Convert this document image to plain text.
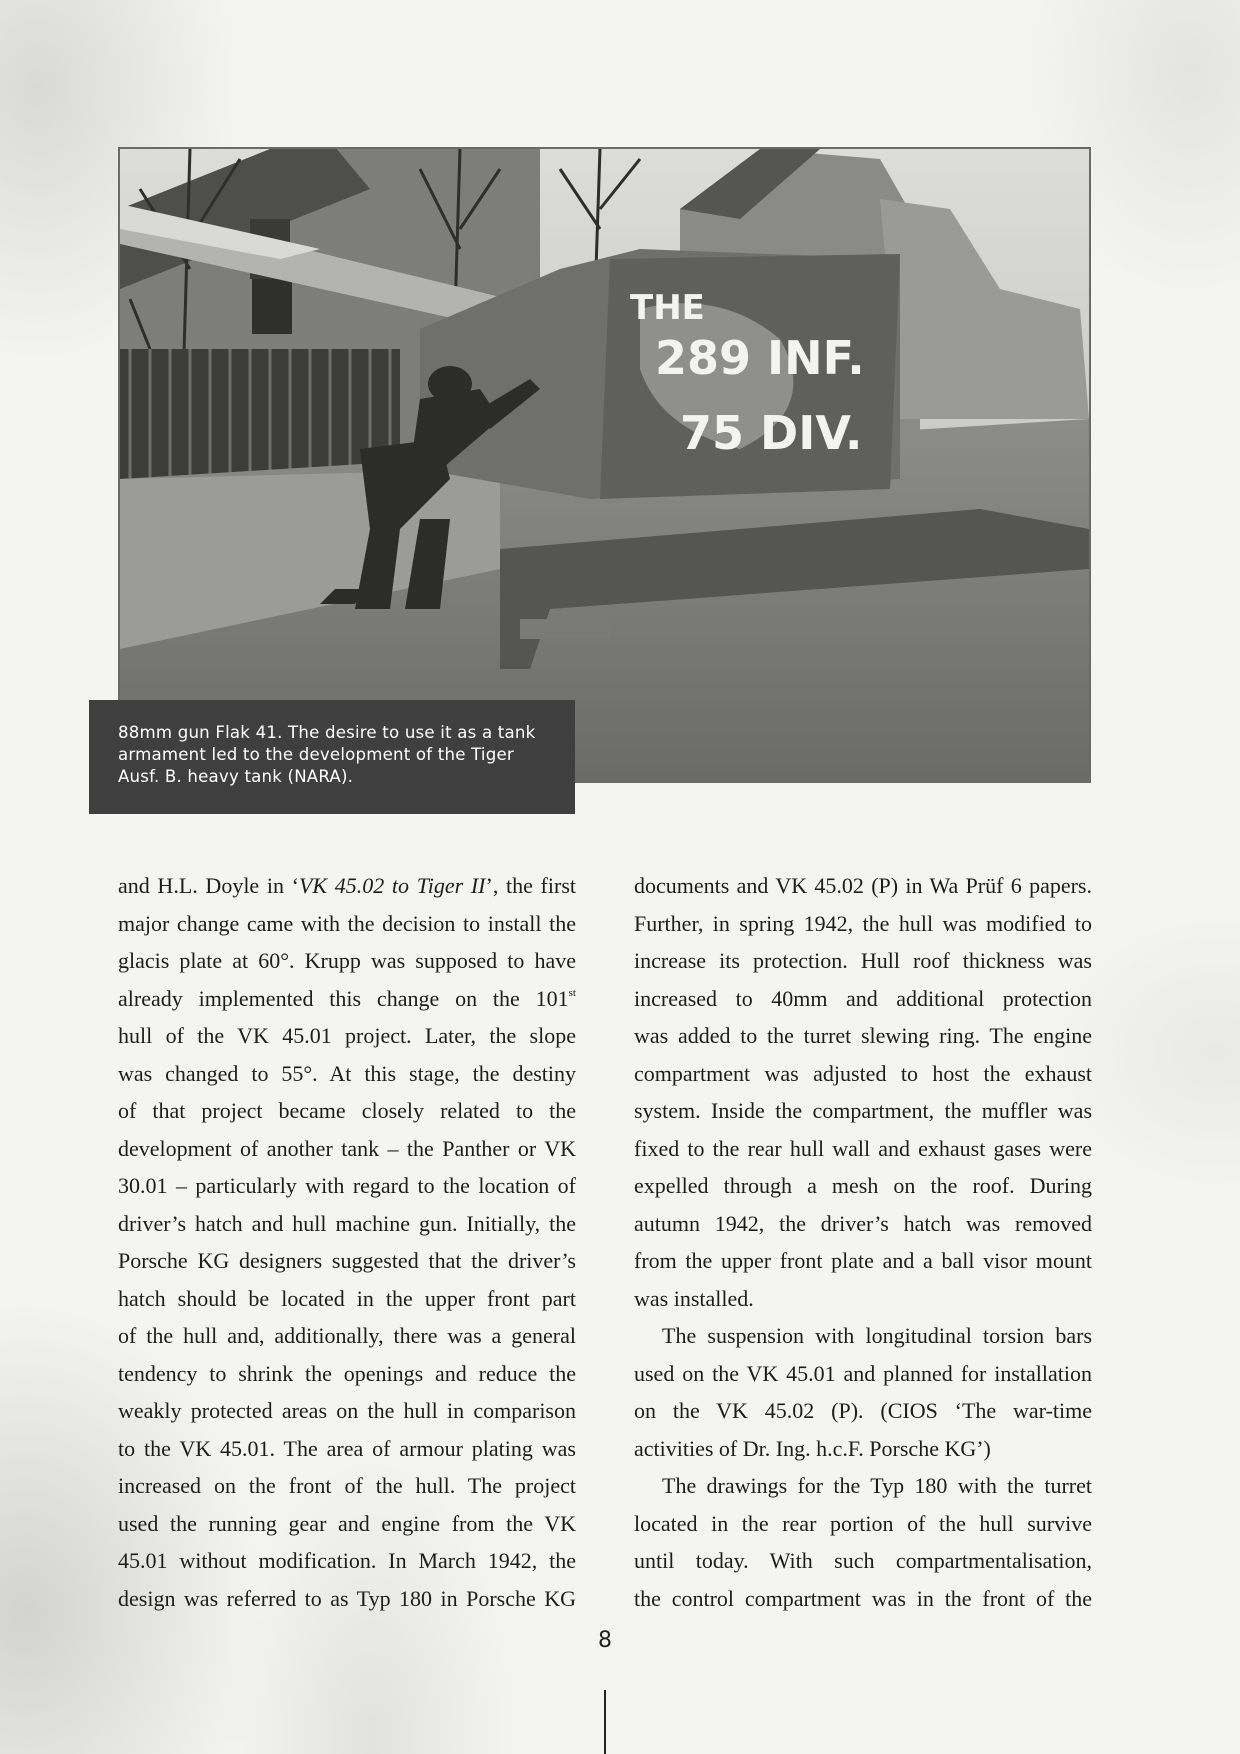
THE
289 INF.
75 DIV.
88mm gun Flak 41. The desire to use it as a tank
armament led to the development of the Tiger
Ausf. B. heavy tank (NARA).
and H.L. Doyle in ‘VK 45.02 to Tiger II’, the first
major change came with the decision to install the
glacis plate at 60°. Krupp was supposed to have
already implemented this change on the 101st
hull of the VK 45.01 project. Later, the slope
was changed to 55°. At this stage, the destiny
of that project became closely related to the
development of another tank – the Panther or VK
30.01 – particularly with regard to the location of
driver’s hatch and hull machine gun. Initially, the
Porsche KG designers suggested that the driver’s
hatch should be located in the upper front part
of the hull and, additionally, there was a general
tendency to shrink the openings and reduce the
weakly protected areas on the hull in comparison
to the VK 45.01. The area of armour plating was
increased on the front of the hull. The project
used the running gear and engine from the VK
45.01 without modification. In March 1942, the
design was referred to as Typ 180 in Porsche KG
documents and VK 45.02 (P) in Wa Prüf 6 papers.
Further, in spring 1942, the hull was modified to
increase its protection. Hull roof thickness was
increased to 40mm and additional protection
was added to the turret slewing ring. The engine
compartment was adjusted to host the exhaust
system. Inside the compartment, the muffler was
fixed to the rear hull wall and exhaust gases were
expelled through a mesh on the roof. During
autumn 1942, the driver’s hatch was removed
from the upper front plate and a ball visor mount
was installed.
The suspension with longitudinal torsion bars
used on the VK 45.01 and planned for installation
on the VK 45.02 (P). (CIOS ‘The war-time
activities of Dr. Ing. h.c.F. Porsche KG’)
The drawings for the Typ 180 with the turret
located in the rear portion of the hull survive
until today. With such compartmentalisation,
the control compartment was in the front of the
8
